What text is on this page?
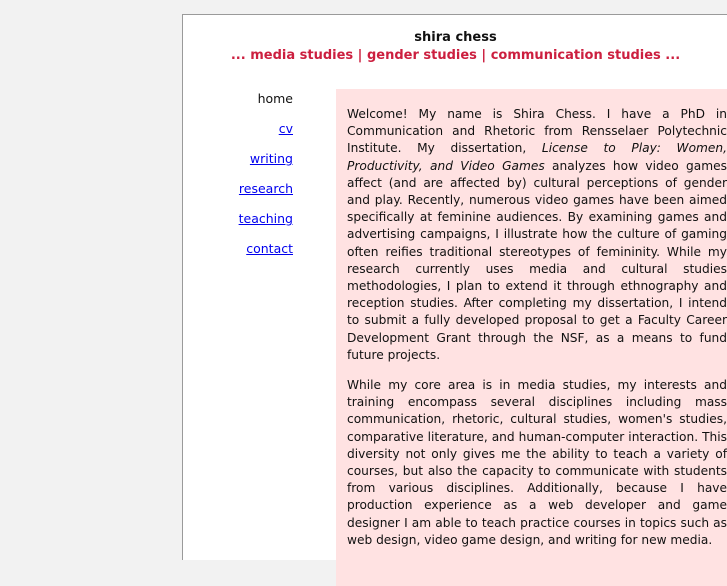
shira chess
... media studies | gender studies | communication studies ...
home
cv
writing
research
teaching
contact

Welcome! My name is Shira Chess. I have a PhD in Communication and Rhetoric from Rensselaer Polytechnic Institute. My dissertation, License to Play: Women, Productivity, and Video Games analyzes how video games affect (and are affected by) cultural perceptions of gender and play. Recently, numerous video games have been aimed specifically at feminine audiences. By examining games and advertising campaigns, I illustrate how the culture of gaming often reifies traditional stereotypes of femininity. While my research currently uses media and cultural studies methodologies, I plan to extend it through ethnography and reception studies. After completing my dissertation, I intend to submit a fully developed proposal to get a Faculty Career Development Grant through the NSF, as a means to fund future projects.

While my core area is in media studies, my interests and training encompass several disciplines including mass communication, rhetoric, cultural studies, women's studies, comparative literature, and human-computer interaction. This diversity not only gives me the ability to teach a variety of courses, but also the capacity to communicate with students from various disciplines. Additionally, because I have production experience as a web developer and game designer I am able to teach practice courses in topics such as web design, video game design, and writing for new media.
